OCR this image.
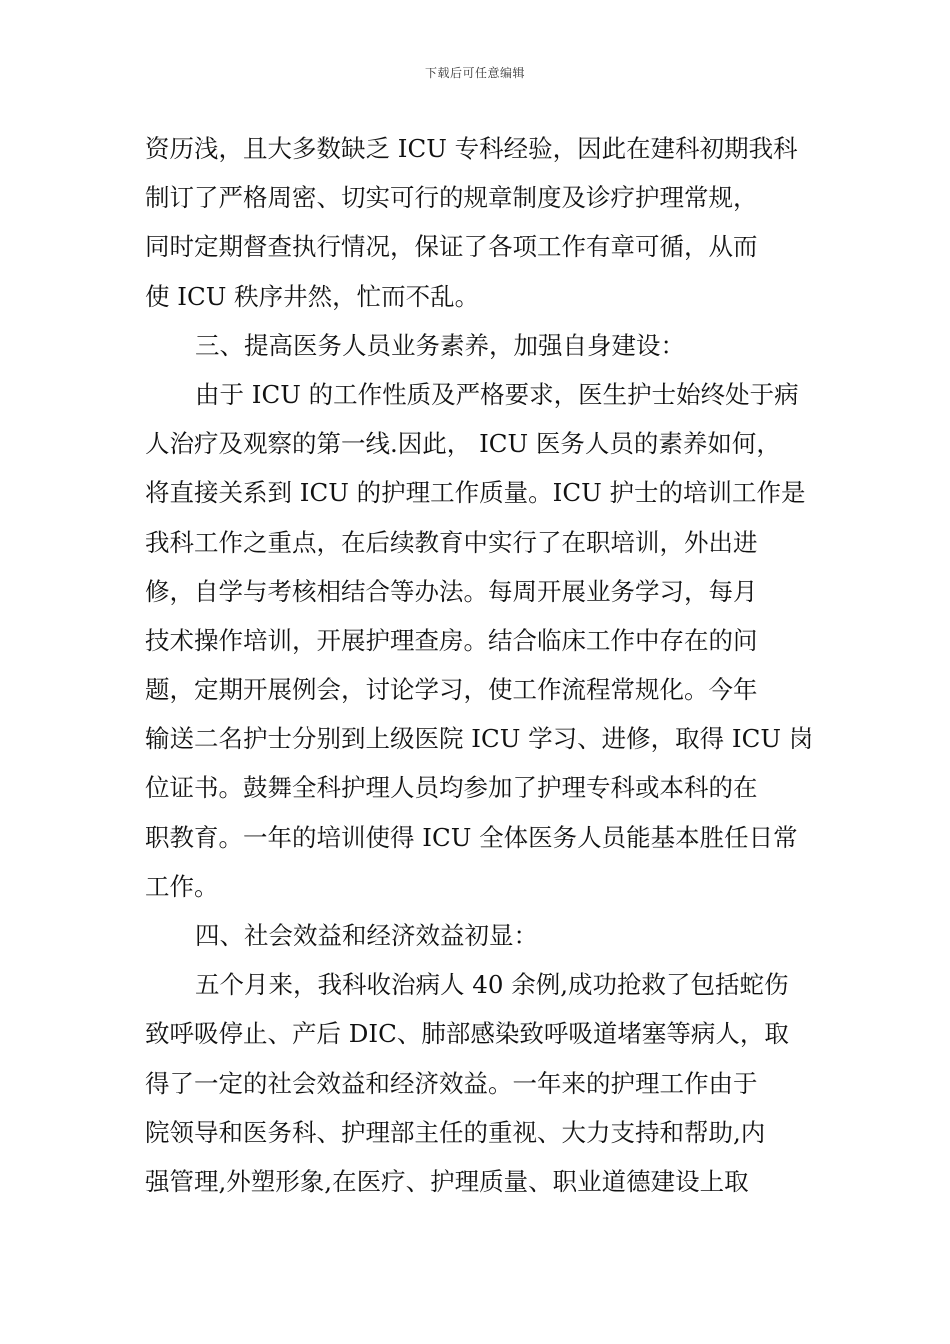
下载后可任意编辑
资历浅，且大多数缺乏 ICU 专科经验，因此在建科初期我科
制订了严格周密、切实可行的规章制度及诊疗护理常规，
同时定期督查执行情况，保证了各项工作有章可循，从而
使 ICU 秩序井然，忙而不乱。
三、提高医务人员业务素养，加强自身建设：
由于 ICU 的工作性质及严格要求，医生护士始终处于病
人治疗及观察的第一线.因此， ICU 医务人员的素养如何，
将直接关系到 ICU 的护理工作质量。ICU 护士的培训工作是
我科工作之重点，在后续教育中实行了在职培训，外出进
修，自学与考核相结合等办法。每周开展业务学习，每月
技术操作培训，开展护理查房。结合临床工作中存在的问
题，定期开展例会，讨论学习，使工作流程常规化。今年
输送二名护士分别到上级医院 ICU 学习、进修，取得 ICU 岗
位证书。鼓舞全科护理人员均参加了护理专科或本科的在
职教育。一年的培训使得 ICU 全体医务人员能基本胜任日常
工作。
四、社会效益和经济效益初显：
五个月来，我科收治病人 40 余例,成功抢救了包括蛇伤
致呼吸停止、产后 DIC、肺部感染致呼吸道堵塞等病人，取
得了一定的社会效益和经济效益。一年来的护理工作由于
院领导和医务科、护理部主任的重视、大力支持和帮助,内
强管理,外塑形象,在医疗、护理质量、职业道德建设上取
